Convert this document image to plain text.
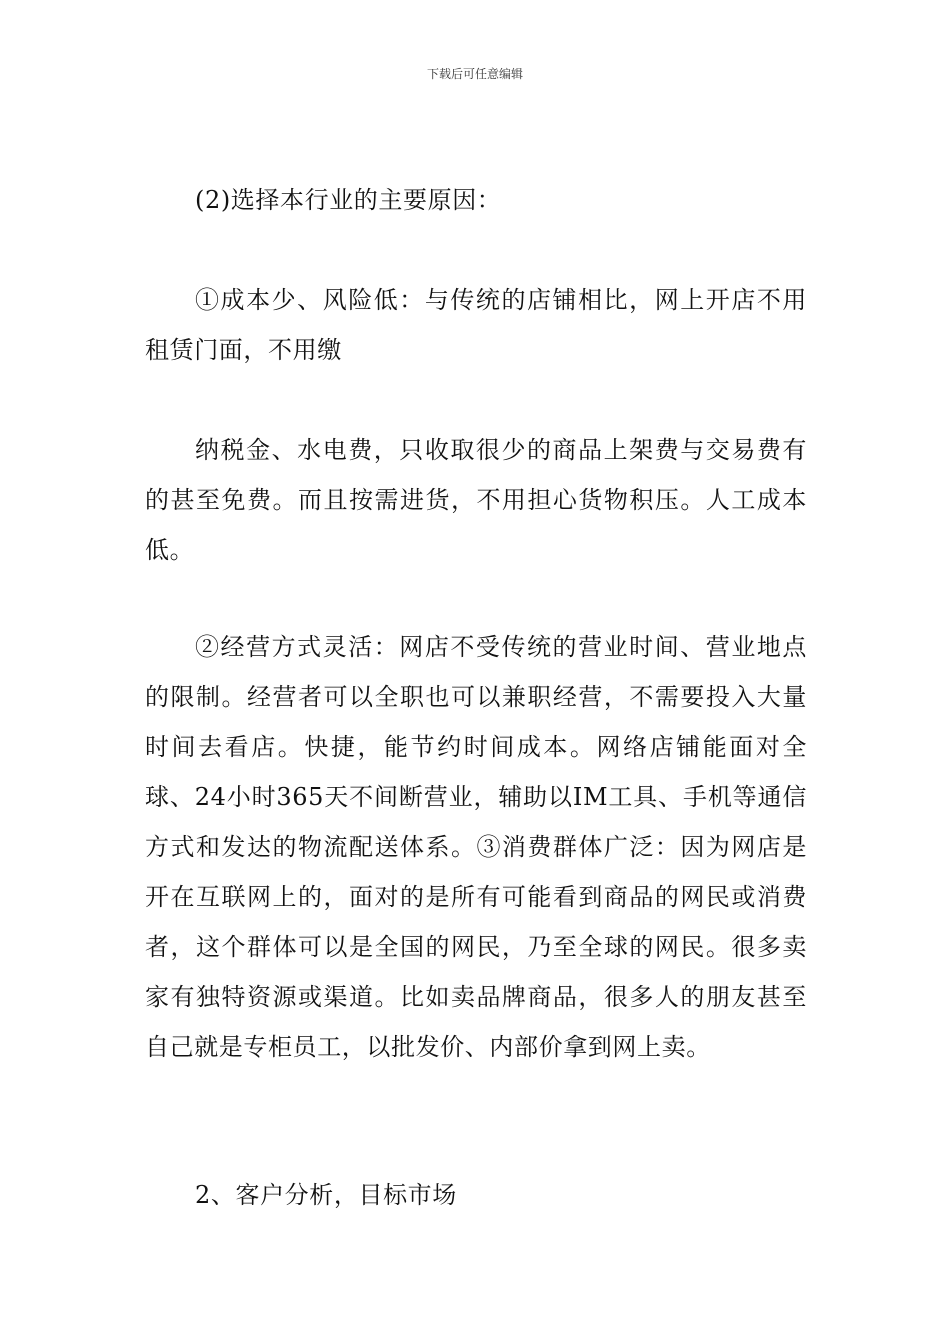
下载后可任意编辑

(2)选择本行业的主要原因：

①成本少、风险低：与传统的店铺相比，网上开店不用租赁门面，不用缴

纳税金、水电费，只收取很少的商品上架费与交易费有的甚至免费。而且按需进货，不用担心货物积压。人工成本低。

②经营方式灵活：网店不受传统的营业时间、营业地点的限制。经营者可以全职也可以兼职经营，不需要投入大量时间去看店。快捷，能节约时间成本。网络店铺能面对全球、24小时365天不间断营业，辅助以IM工具、手机等通信方式和发达的物流配送体系。③消费群体广泛：因为网店是开在互联网上的，面对的是所有可能看到商品的网民或消费者，这个群体可以是全国的网民，乃至全球的网民。很多卖家有独特资源或渠道。比如卖品牌商品，很多人的朋友甚至自己就是专柜员工，以批发价、内部价拿到网上卖。

2、客户分析，目标市场
